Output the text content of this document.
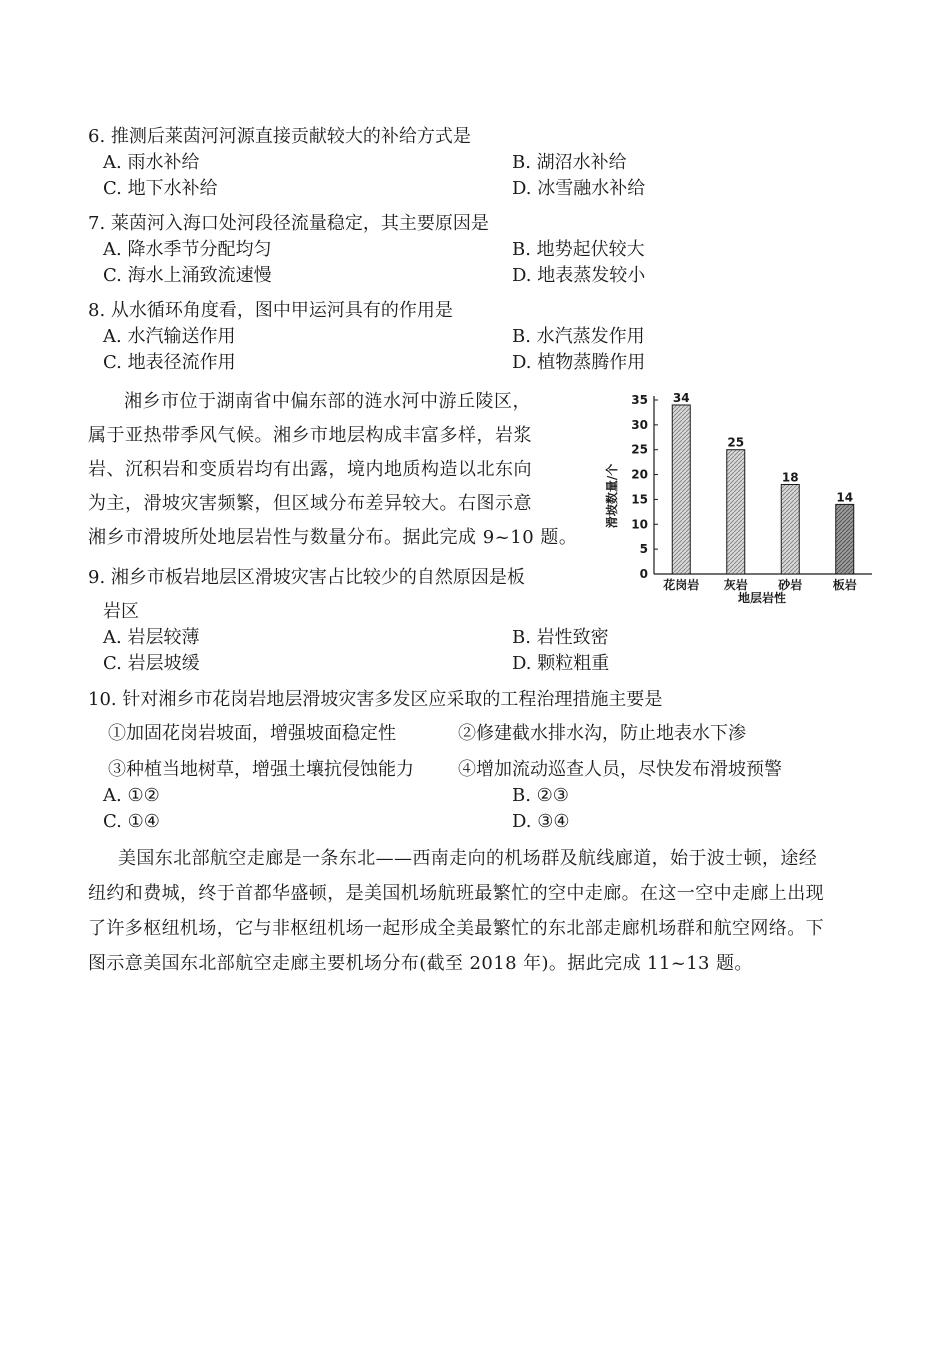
6. 推测后莱茵河河源直接贡献较大的补给方式是
A. 雨水补给	B. 湖沼水补给
C. 地下水补给	D. 冰雪融水补给
7. 莱茵河入海口处河段径流量稳定，其主要原因是
A. 降水季节分配均匀	B. 地势起伏较大
C. 海水上涌致流速慢	D. 地表蒸发较小
8. 从水循环角度看，图中甲运河具有的作用是
A. 水汽输送作用	B. 水汽蒸发作用
C. 地表径流作用	D. 植物蒸腾作用
湘乡市位于湖南省中偏东部的涟水河中游丘陵区，
属于亚热带季风气候。湘乡市地层构成丰富多样，岩浆
岩、沉积岩和变质岩均有出露，境内地质构造以北东向
为主，滑坡灾害频繁，但区域分布差异较大。右图示意
湘乡市滑坡所处地层岩性与数量分布。据此完成 9~10 题。
0
5
10
15
20
25
30
35 34
花岗岩
25
灰岩
18
砂岩
14
板岩
滑坡数量/个
地层岩性
9. 湘乡市板岩地层区滑坡灾害占比较少的自然原因是板
岩区
A. 岩层较薄	B. 岩性致密
C. 岩层坡缓	D. 颗粒粗重
10. 针对湘乡市花岗岩地层滑坡灾害多发区应采取的工程治理措施主要是
①加固花岗岩坡面，增强坡面稳定性	②修建截水排水沟，防止地表水下渗
③种植当地树草，增强土壤抗侵蚀能力 ④增加流动巡查人员，尽快发布滑坡预警
A. ①②	B. ②③
C. ①④	D. ③④
美国东北部航空走廊是一条东北——西南走向的机场群及航线廊道，始于波士顿，途经
纽约和费城，终于首都华盛顿，是美国机场航班最繁忙的空中走廊。在这一空中走廊上出现
了许多枢纽机场，它与非枢纽机场一起形成全美最繁忙的东北部走廊机场群和航空网络。下
图示意美国东北部航空走廊主要机场分布(截至 2018 年)。据此完成 11~13 题。
